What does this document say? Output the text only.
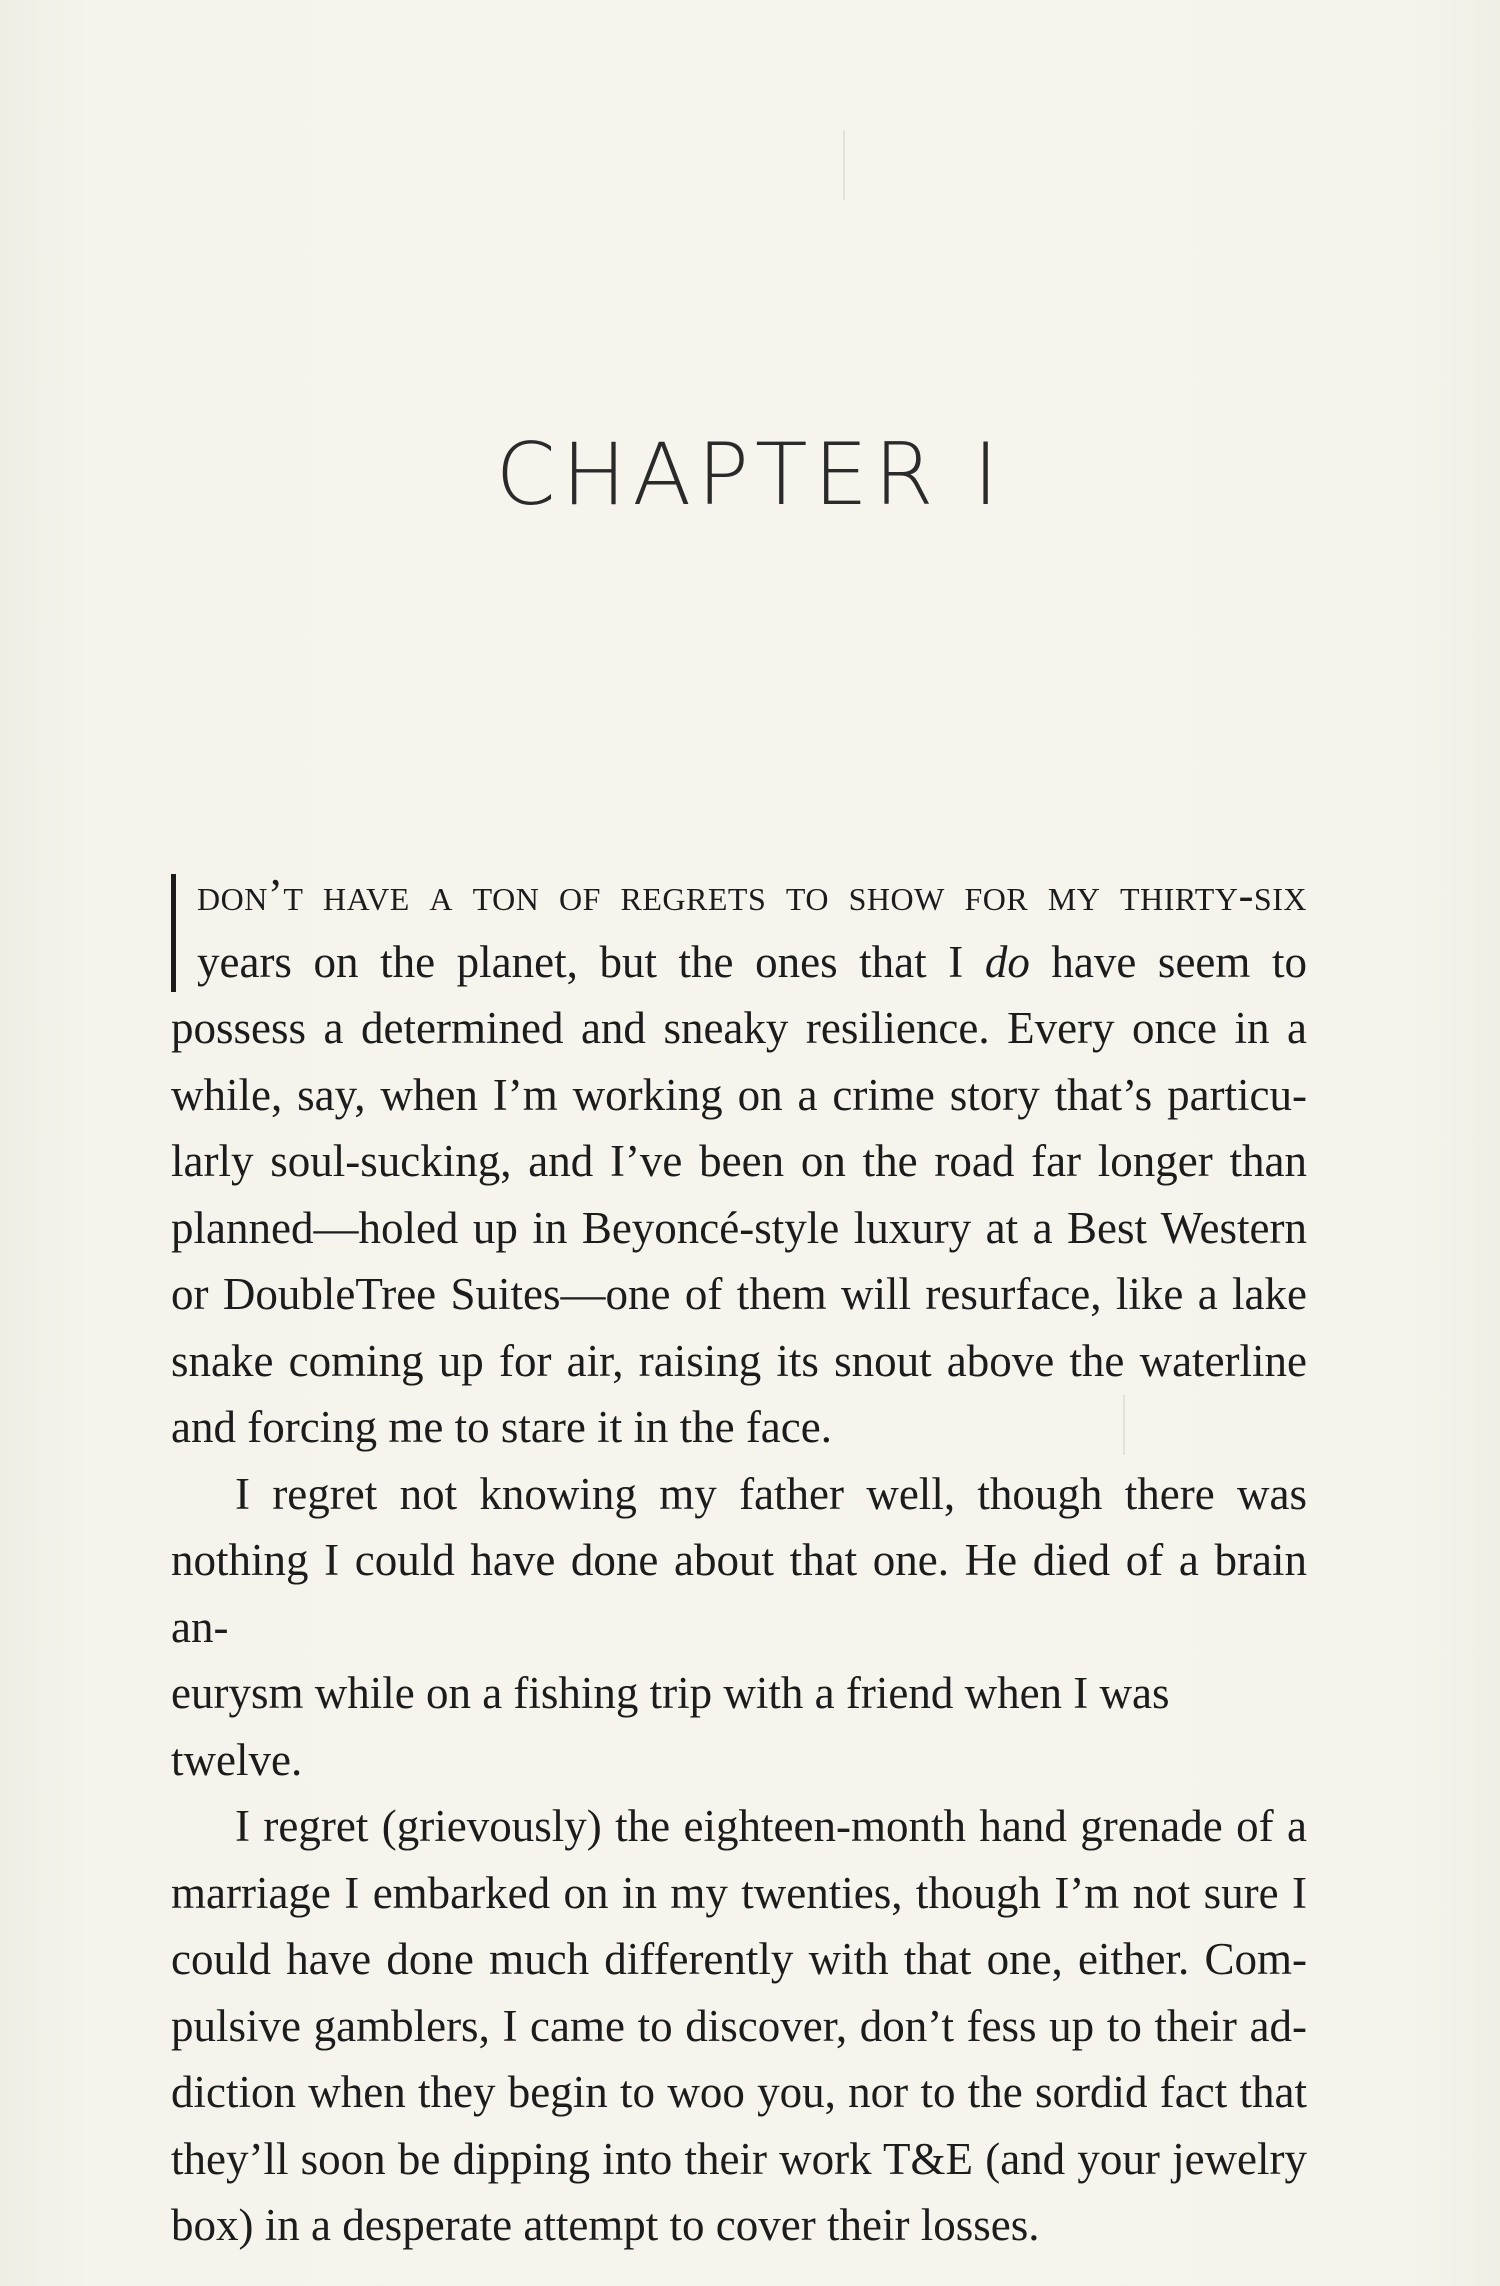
CHAPTER I

don’t have a ton of regrets to show for my thirty-six
years on the planet, but the ones that I do have seem to

possess a determined and sneaky resilience. Every once in a
while, say, when I’m working on a crime story that’s particu-
larly soul-sucking, and I’ve been on the road far longer than
planned—holed up in Beyoncé-style luxury at a Best Western
or DoubleTree Suites—one of them will resurface, like a lake
snake coming up for air, raising its snout above the waterline
and forcing me to stare it in the face.

I regret not knowing my father well, though there was
nothing I could have done about that one. He died of a brain an-
eurysm while on a fishing trip with a friend when I was twelve.

I regret (grievously) the eighteen-month hand grenade of a
marriage I embarked on in my twenties, though I’m not sure I
could have done much differently with that one, either. Com-
pulsive gamblers, I came to discover, don’t fess up to their ad-
diction when they begin to woo you, nor to the sordid fact that
they’ll soon be dipping into their work T&E (and your jewelry
box) in a desperate attempt to cover their losses.
